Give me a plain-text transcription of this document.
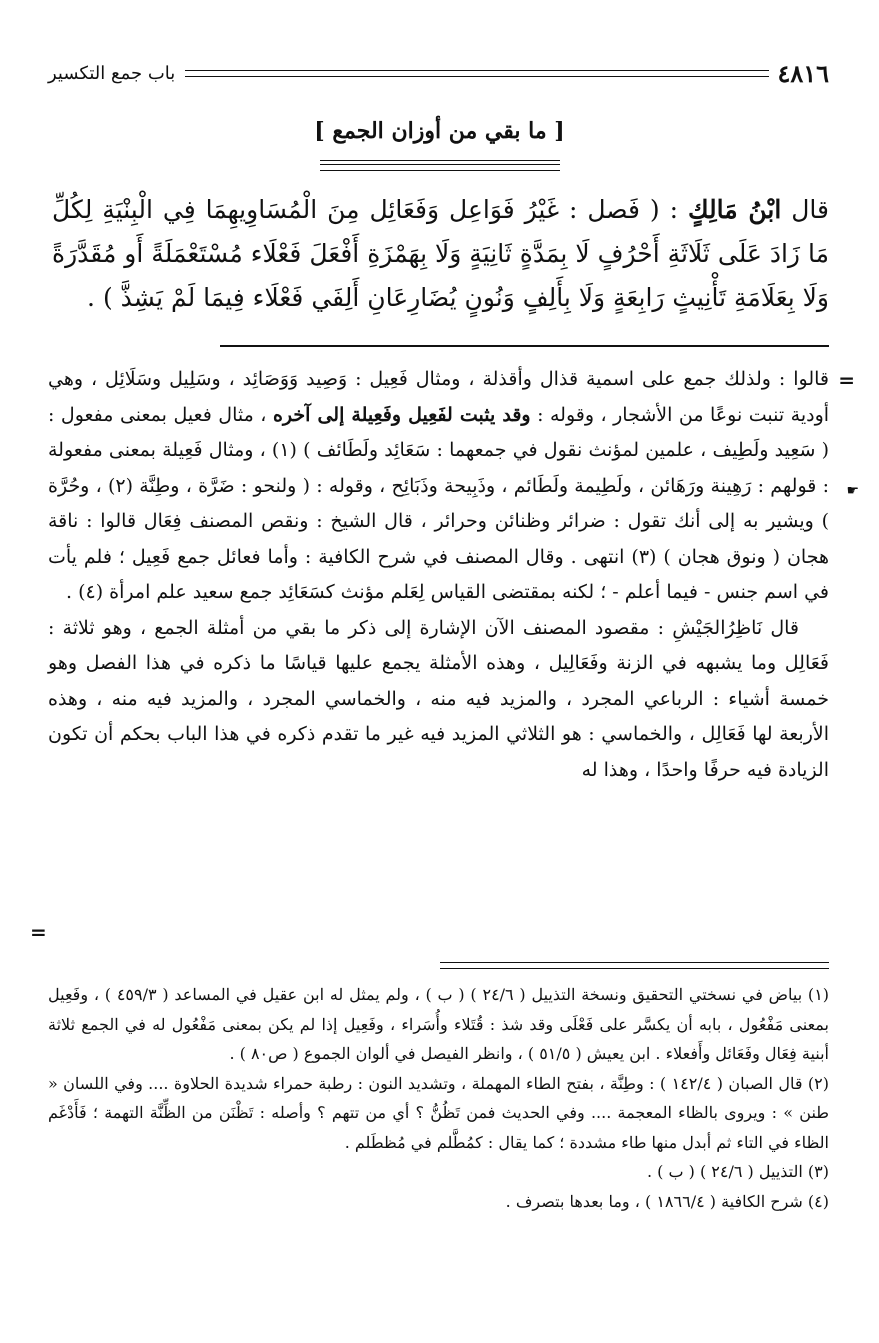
٤٨١٦
باب جمع التكسير
[ ما بقي من أوزان الجمع ]
قال ابْنُ مَالِكٍ : ( فَصل : غَيْرُ فَوَاعِل وَفَعَائِل مِنَ الْمُسَاوِيهِمَا فِي الْبِنْيَةِ لِكُلِّ مَا زَادَ عَلَى ثَلَاثَةِ أَحْرُفٍ لَا بِمَدَّةٍ ثَانِيَةٍ وَلَا بِهَمْزَةِ أَفْعَلَ فَعْلَاء مُسْتَعْمَلَةً أَو مُقَدَّرَةً وَلَا بِعَلَامَةِ تَأْنِيثٍ رَابِعَةٍ وَلَا بِأَلِفٍ وَنُونٍ يُضَارِعَانِ أَلِفَي فَعْلَاء فِيمَا لَمْ يَشِذَّ ) .
=
☛

قالوا : ولذلك جمع على اسمية قذال وأقذلة ، ومثال فَعِيل : وَصِيد وَوَصَائِد ، وسَلِيل وسَلَائِل ، وهي أودية تنبت نوعًا من الأشجار ، وقوله : وقد يثبت لفَعِيل وفَعِيلة إلى آخره ، مثال فعيل بمعنى مفعول : ( سَعِيد ولَطِيف ، علمين لمؤنث نقول في جمعهما : سَعَائِد ولَطَائف ) (١) ، ومثال فَعِيلة بمعنى مفعولة : قولهم : رَهِينة ورَهَائن ، ولَطِيمة ولَطَائم ، وذَبِيحة وذَبَائِح ، وقوله : ( ولنحو : ضَرَّة ، وطِنَّة (٢) ، وحُرَّة ) ويشير به إلى أنك تقول : ضرائر وظنائن وحرائر ، قال الشيخ : ونقص المصنف فِعَال قالوا : ناقة هجان ( ونوق هجان ) (٣) انتهى . وقال المصنف في شرح الكافية : وأما فعائل جمع فَعِيل ؛ فلم يأت في اسم جنس - فيما أعلم - ؛ لكنه بمقتضى القياس لِعَلم مؤنث كسَعَائِد جمع سعيد علم امرأة (٤) .

قال نَاظِرُالجَيْشِ : مقصود المصنف الآن الإشارة إلى ذكر ما بقي من أمثلة الجمع ، وهو ثلاثة : فَعَالِل وما يشبهه في الزنة وفَعَالِيل ، وهذه الأمثلة يجمع عليها قياسًا ما ذكره في هذا الفصل وهو خمسة أشياء : الرباعي المجرد ، والمزيد فيه منه ، والخماسي المجرد ، والمزيد فيه منه ، وهذه الأربعة لها فَعَالِل ، والخماسي : هو الثلاثي المزيد فيه غير ما تقدم ذكره في هذا الباب بحكم أن تكون الزيادة فيه حرفًا واحدًا ، وهذا له

=

(١) بياض في نسختي التحقيق ونسخة التذييل ( ٢٤/٦ ) ( ب ) ، ولم يمثل له ابن عقيل في المساعد ( ٤٥٩/٣ ) ، وفَعِيل بمعنى مَفْعُول ، بابه أن يكسَّر على فَعْلَى وقد شذ : قُتَلاء وأُسَراء ، وفَعِيل إذا لم يكن بمعنى مَفْعُول له في الجمع ثلاثة أبنية فِعَال وفَعَائل وأَفعلاء . ابن يعيش ( ٥١/٥ ) ، وانظر الفيصل في ألوان الجموع ( ص٨٠ ) .

(٢) قال الصبان ( ١٤٢/٤ ) : وطِنَّة ، بفتح الطاء المهملة ، وتشديد النون : رطبة حمراء شديدة الحلاوة .... وفي اللسان « طنن » : ويروى بالظاء المعجمة .... وفي الحديث فمن تَظُنُّ ؟ أي من تتهم ؟ وأصله : تَظْنَن من الظِّنَّة التهمة ؛ فَأَدْغَم الظاء في التاء ثم أبدل منها طاء مشددة ؛ كما يقال : كمُطَّلم في مُظطَلم .

(٣) التذييل ( ٢٤/٦ ) ( ب ) .

(٤) شرح الكافية ( ١٨٦٦/٤ ) ، وما بعدها بتصرف .
